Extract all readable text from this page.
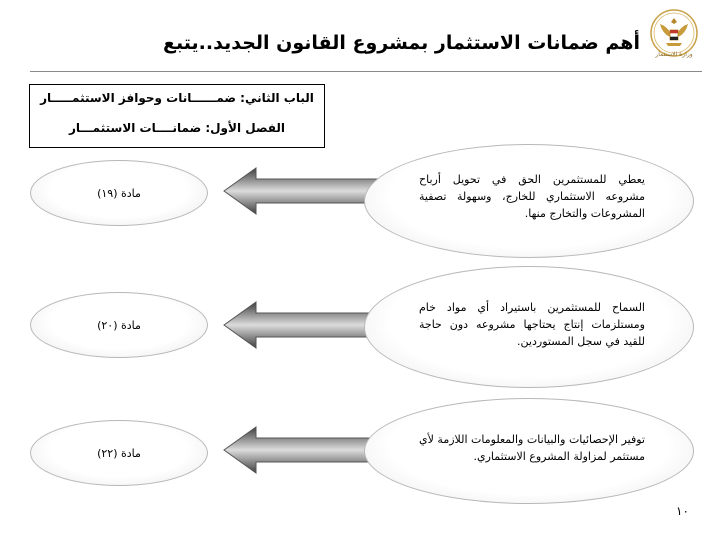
أهم ضمانات الاستثمار بمشروع القانون الجديد..يتبع
وزارة الاستثمار
الباب الثاني: ضمــــــانات وحوافز الاستثمـــــار
الفصل الأول: ضمانــــات الاستثمـــار
مادة (١٩)
يعطي للمستثمرين الحق في تحويل أرباح مشروعه الاستثماري للخارج، وسهولة تصفية المشروعات والتخارج منها.
مادة (٢٠)
السماح للمستثمرين باستيراد أي مواد خام ومستلزمات إنتاج يحتاجها مشروعه دون حاجة للقيد في سجل المستوردين.
مادة (٢٢)
توفير الإحصائيات والبيانات والمعلومات اللازمة لأي مستثمر لمزاولة المشروع الاستثماري.
١٠
